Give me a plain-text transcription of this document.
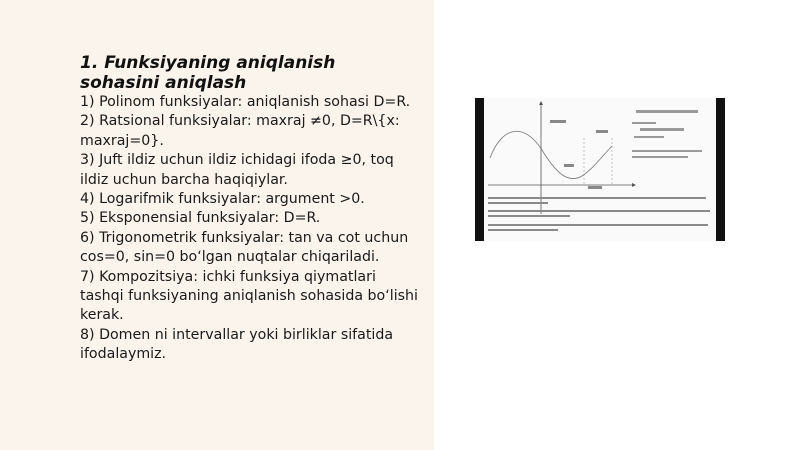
1. Funksiyaning aniqlanish sohasini aniqlash
1) Polinom funksiyalar: aniqlanish sohasi D=R.
2) Ratsional funksiyalar: maxraj ≠0, D=R\{x: maxraj=0}.
3) Juft ildiz uchun ildiz ichidagi ifoda ≥0, toq ildiz uchun barcha haqiqiylar.
4) Logarifmik funksiyalar: argument >0.
5) Eksponensial funksiyalar: D=R.
6) Trigonometrik funksiyalar: tan va cot uchun cos=0, sin=0 bo‘lgan nuqtalar chiqariladi.
7) Kompozitsiya: ichki funksiya qiymatlari tashqi funksiyaning aniqlanish sohasida bo‘lishi kerak.
8) Domen ni intervallar yoki birliklar sifatida ifodalaymiz.
